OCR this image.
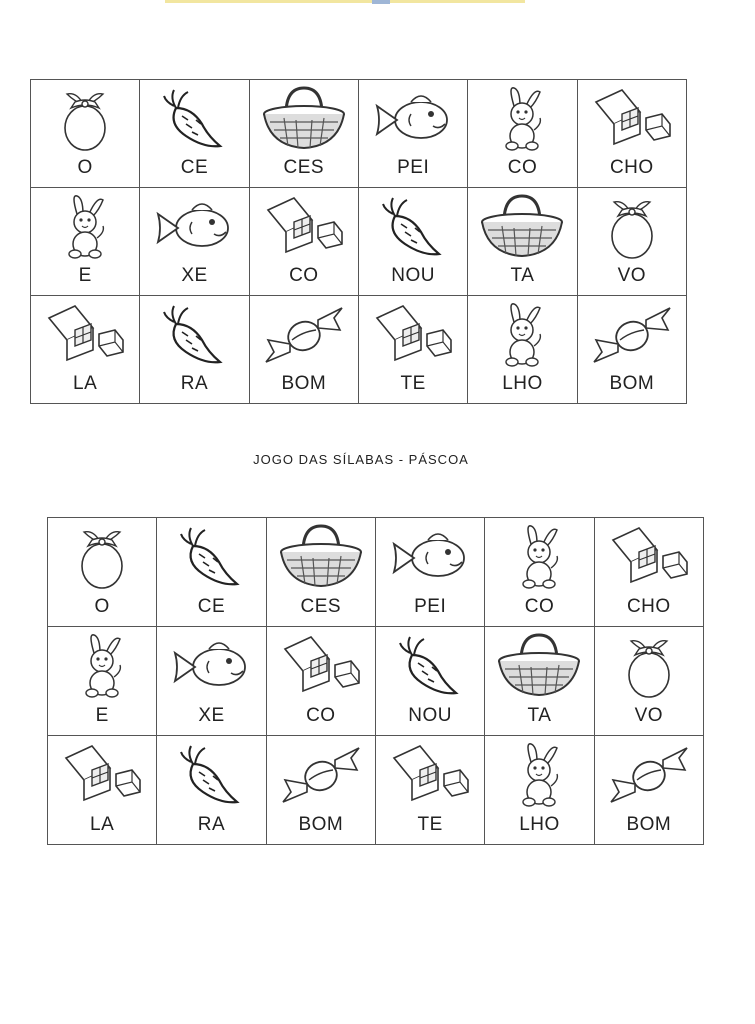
O	CE	CES	PEI	CO	CHO
E	XE	CO	NOU	TA	VO
LA	RA	BOM	TE	LHO	BOM
JOGO DAS SÍLABAS - PÁSCOA
O	CE	CES	PEI	CO	CHO
E	XE	CO	NOU	TA	VO
LA	RA	BOM	TE	LHO	BOM
